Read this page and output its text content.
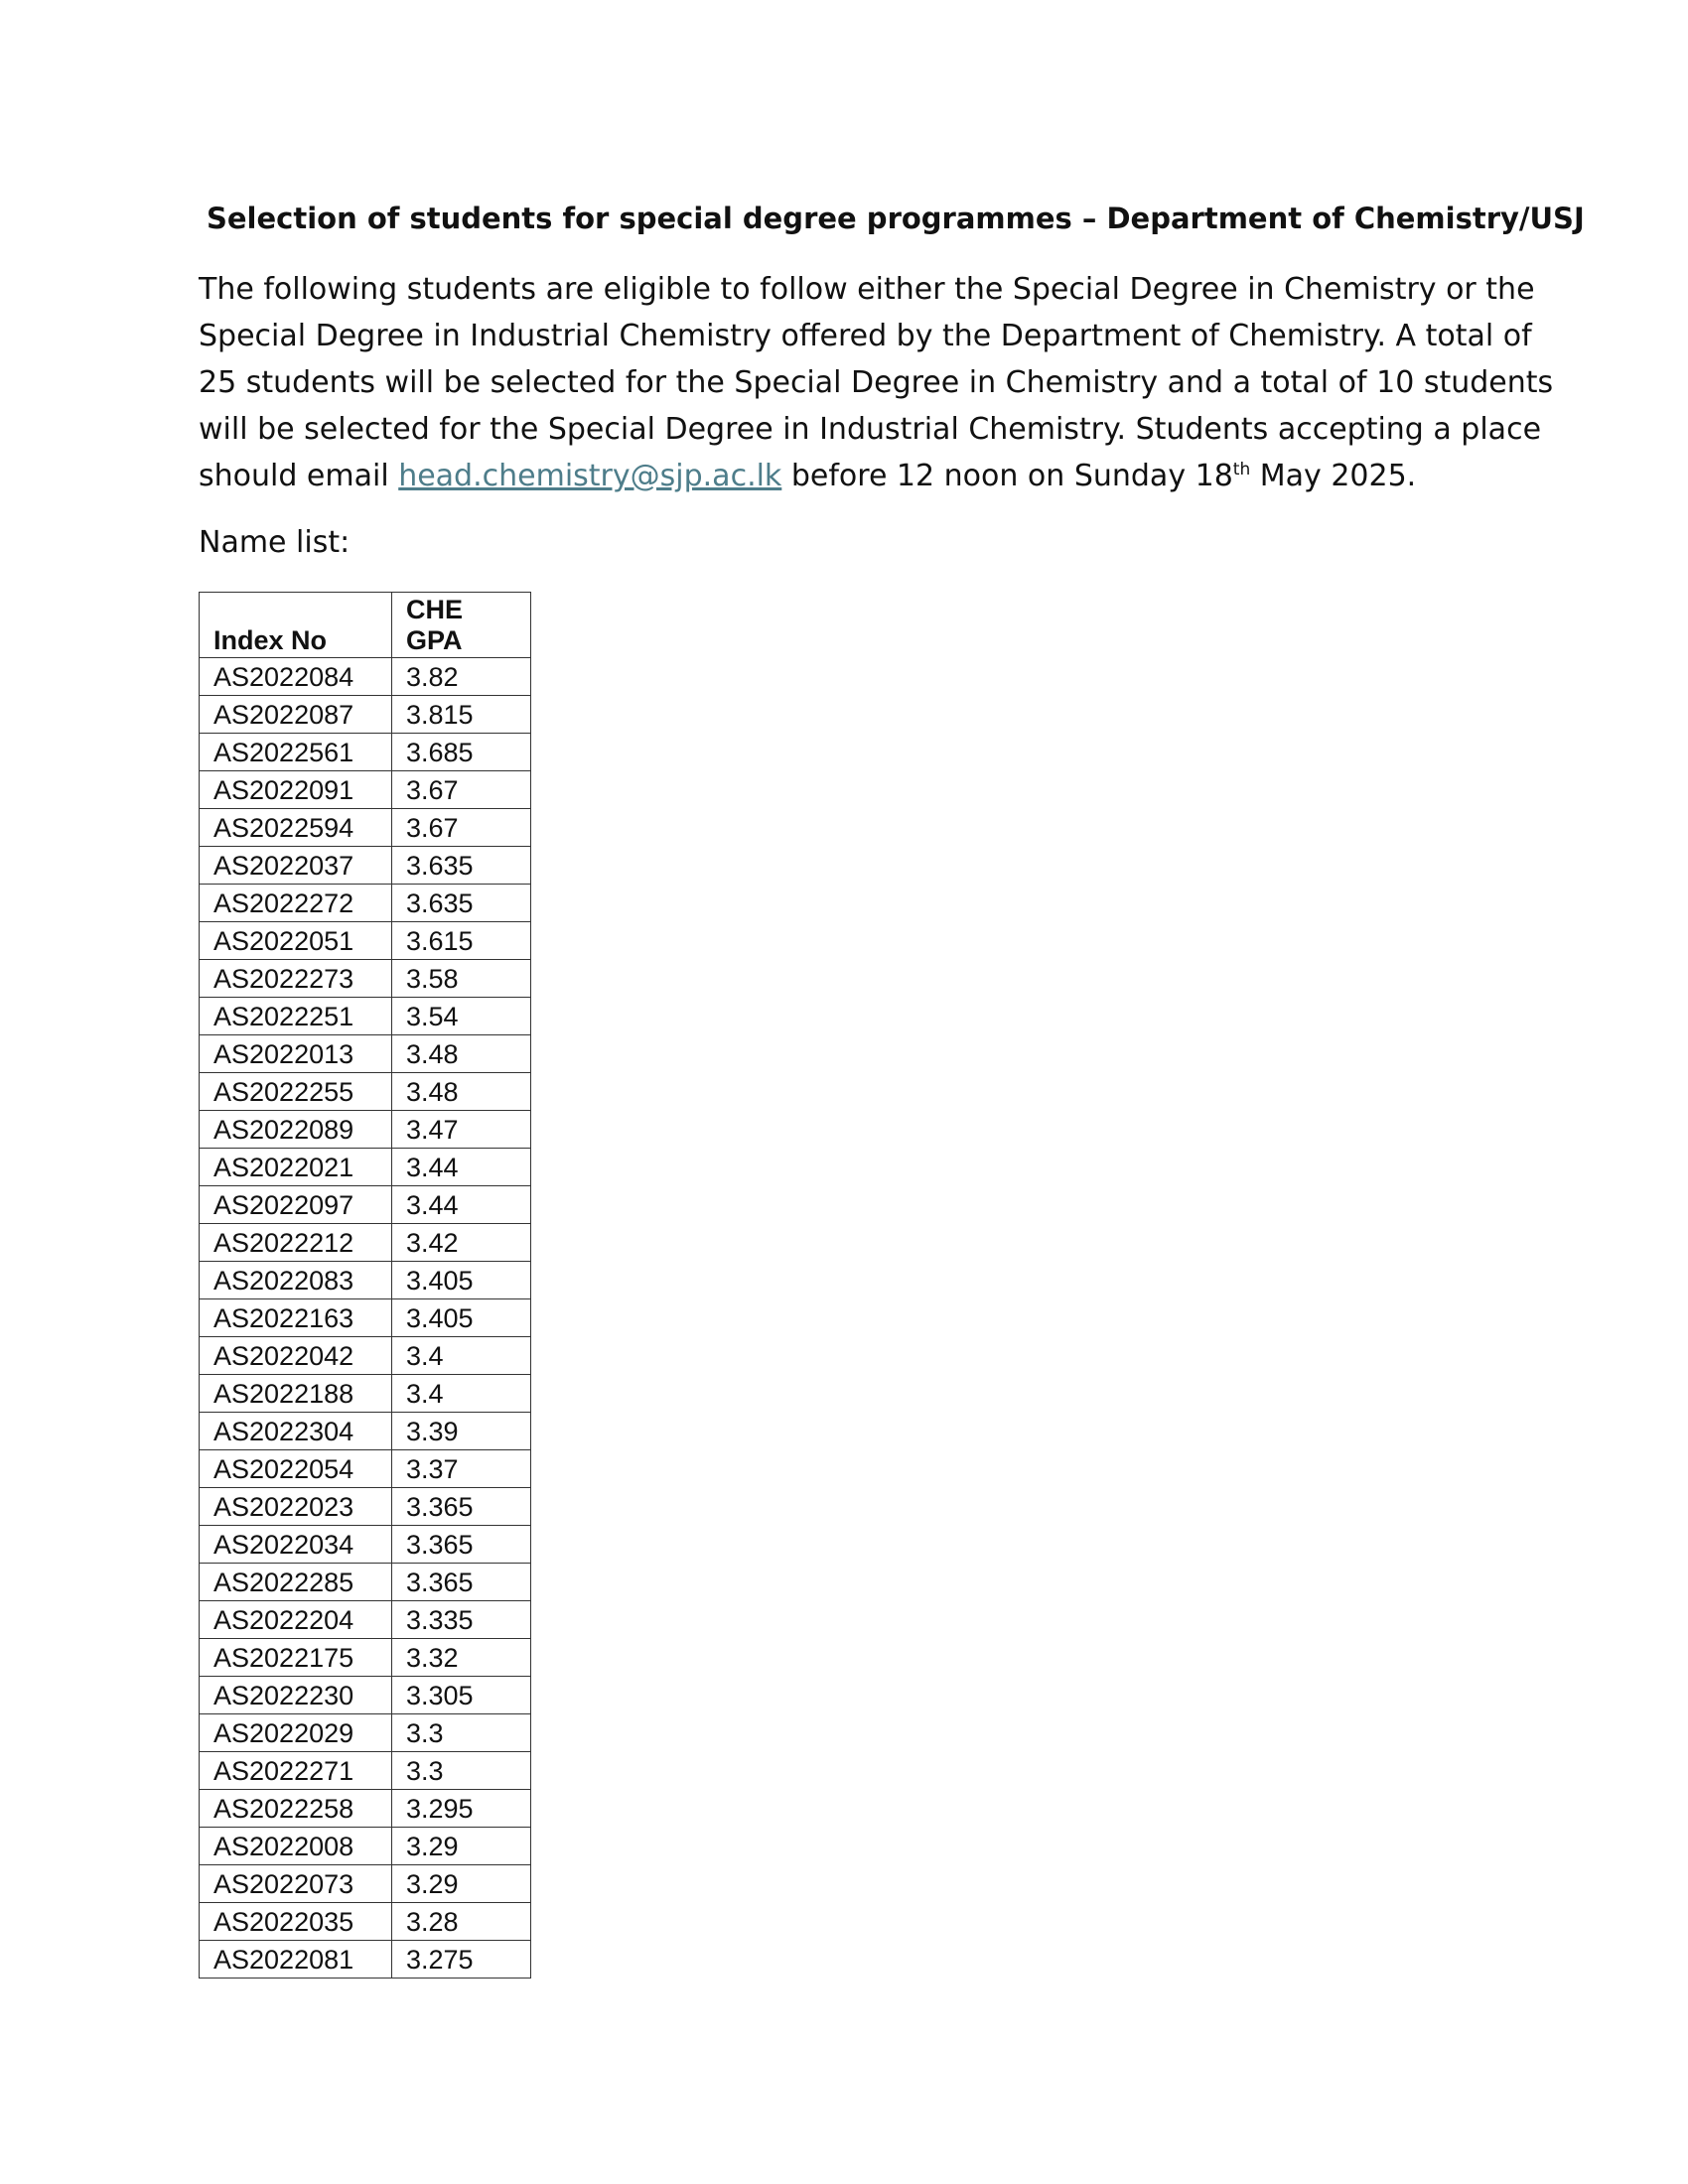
Selection of students for special degree programmes – Department of Chemistry/USJ
The following students are eligible to follow either the Special Degree in Chemistry or the
Special Degree in Industrial Chemistry offered by the Department of Chemistry. A total of
25 students will be selected for the Special Degree in Chemistry and a total of 10 students
will be selected for the Special Degree in Industrial Chemistry. Students accepting a place
should email head.chemistry@sjp.ac.lk before 12 noon on Sunday 18th May 2025.
Name list:
Index No	CHE
GPA
AS2022084	3.82
AS2022087	3.815
AS2022561	3.685
AS2022091	3.67
AS2022594	3.67
AS2022037	3.635
AS2022272	3.635
AS2022051	3.615
AS2022273	3.58
AS2022251	3.54
AS2022013	3.48
AS2022255	3.48
AS2022089	3.47
AS2022021	3.44
AS2022097	3.44
AS2022212	3.42
AS2022083	3.405
AS2022163	3.405
AS2022042	3.4
AS2022188	3.4
AS2022304	3.39
AS2022054	3.37
AS2022023	3.365
AS2022034	3.365
AS2022285	3.365
AS2022204	3.335
AS2022175	3.32
AS2022230	3.305
AS2022029	3.3
AS2022271	3.3
AS2022258	3.295
AS2022008	3.29
AS2022073	3.29
AS2022035	3.28
AS2022081	3.275
